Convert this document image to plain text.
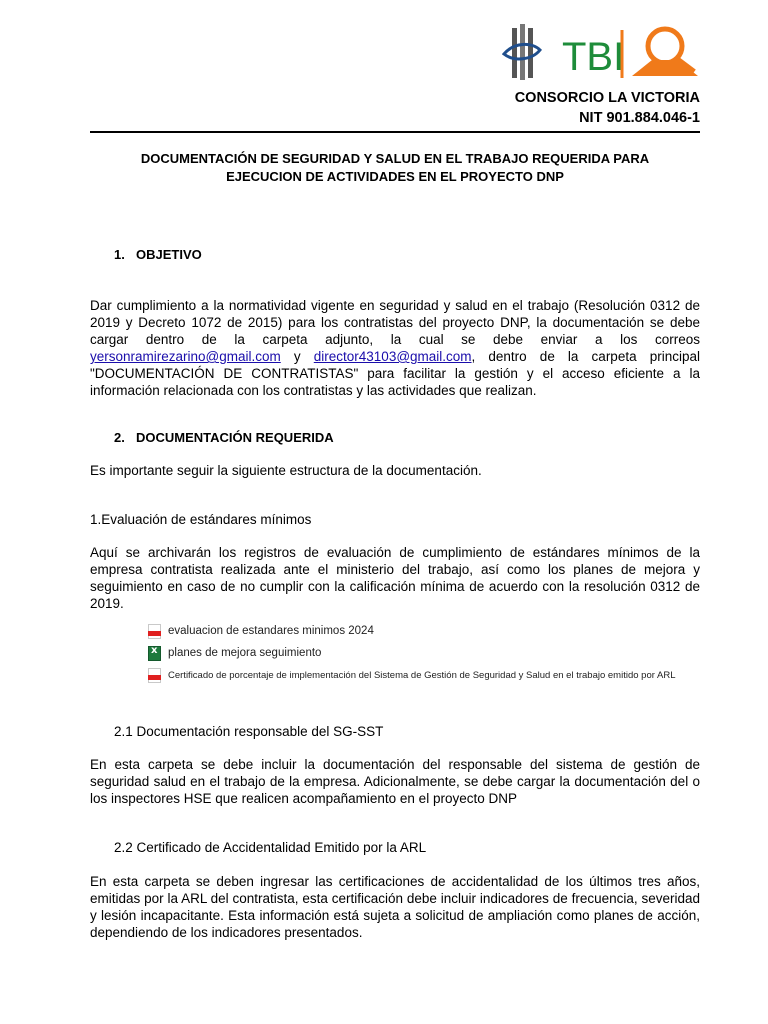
TBI
CONSORCIO LA VICTORIA
NIT 901.884.046-1
DOCUMENTACIÓN DE SEGURIDAD Y SALUD EN EL TRABAJO REQUERIDA PARA
EJECUCION DE ACTIVIDADES EN EL PROYECTO DNP
1. OBJETIVO
Dar cumplimiento a la normatividad vigente en seguridad y salud en el trabajo (Resolución 0312 de 2019 y Decreto 1072 de 2015) para los contratistas del proyecto DNP, la documentación se debe cargar dentro de la carpeta adjunto, la cual se debe enviar a los correos yersonramirezarino@gmail.com y director43103@gmail.com, dentro de la carpeta principal "DOCUMENTACIÓN DE CONTRATISTAS" para facilitar la gestión y el acceso eficiente a la información relacionada con los contratistas y las actividades que realizan.
2. DOCUMENTACIÓN REQUERIDA
Es importante seguir la siguiente estructura de la documentación.
1.Evaluación de estándares mínimos
Aquí se archivarán los registros de evaluación de cumplimiento de estándares mínimos de la empresa contratista realizada ante el ministerio del trabajo, así como los planes de mejora y seguimiento en caso de no cumplir con la calificación mínima de acuerdo con la resolución 0312 de 2019.
evaluacion de estandares minimos 2024
x
planes de mejora seguimiento
Certificado de porcentaje de implementación del Sistema de Gestión de Seguridad y Salud en el trabajo emitido por ARL
2.1 Documentación responsable del SG-SST
En esta carpeta se debe incluir la documentación del responsable del sistema de gestión de seguridad salud en el trabajo de la empresa. Adicionalmente, se debe cargar la documentación del o los inspectores HSE que realicen acompañamiento en el proyecto DNP
2.2 Certificado de Accidentalidad Emitido por la ARL
En esta carpeta se deben ingresar las certificaciones de accidentalidad de los últimos tres años, emitidas por la ARL del contratista, esta certificación debe incluir indicadores de frecuencia, severidad y lesión incapacitante. Esta información está sujeta a solicitud de ampliación como planes de acción, dependiendo de los indicadores presentados.
